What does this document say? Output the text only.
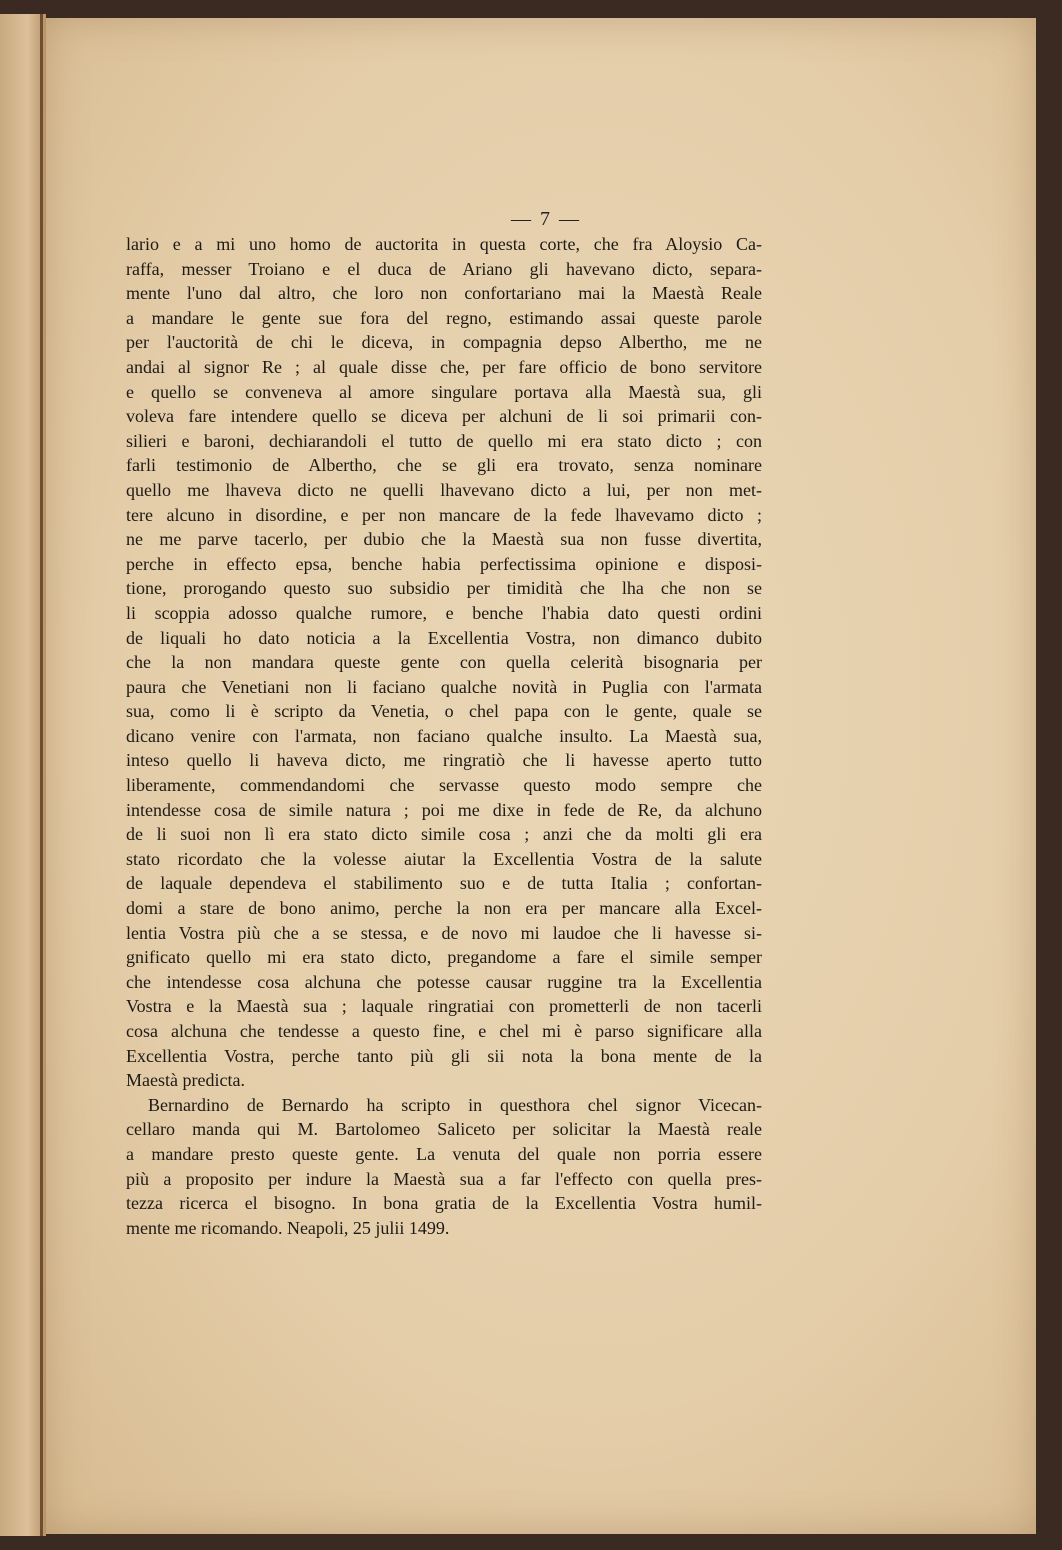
— 7 —
lario e a mi uno homo de auctorita in questa corte, che fra Aloysio Ca-
raffa, messer Troiano e el duca de Ariano gli havevano dicto, separa-
mente l'uno dal altro, che loro non confortariano mai la Maestà Reale
a mandare le gente sue fora del regno, estimando assai queste parole
per l'auctorità de chi le diceva, in compagnia depso Albertho, me ne
andai al signor Re ; al quale disse che, per fare officio de bono servitore
e quello se conveneva al amore singulare portava alla Maestà sua, gli
voleva fare intendere quello se diceva per alchuni de li soi primarii con-
silieri e baroni, dechiarandoli el tutto de quello mi era stato dicto ; con
farli testimonio de Albertho, che se gli era trovato, senza nominare
quello me lhaveva dicto ne quelli lhavevano dicto a lui, per non met-
tere alcuno in disordine, e per non mancare de la fede lhavevamo dicto ;
ne me parve tacerlo, per dubio che la Maestà sua non fusse divertita,
perche in effecto epsa, benche habia perfectissima opinione e disposi-
tione, prorogando questo suo subsidio per timidità che lha che non se
li scoppia adosso qualche rumore, e benche l'habia dato questi ordini
de liquali ho dato noticia a la Excellentia Vostra, non dimanco dubito
che la non mandara queste gente con quella celerità bisognaria per
paura che Venetiani non li faciano qualche novità in Puglia con l'armata
sua, como li è scripto da Venetia, o chel papa con le gente, quale se
dicano venire con l'armata, non faciano qualche insulto. La Maestà sua,
inteso quello li haveva dicto, me ringratiò che li havesse aperto tutto
liberamente, commendandomi che servasse questo modo sempre che
intendesse cosa de simile natura ; poi me dixe in fede de Re, da alchuno
de li suoi non lì era stato dicto simile cosa ; anzi che da molti gli era
stato ricordato che la volesse aiutar la Excellentia Vostra de la salute
de laquale dependeva el stabilimento suo e de tutta Italia ; confortan-
domi a stare de bono animo, perche la non era per mancare alla Excel-
lentia Vostra più che a se stessa, e de novo mi laudoe che li havesse si-
gnificato quello mi era stato dicto, pregandome a fare el simile semper
che intendesse cosa alchuna che potesse causar ruggine tra la Excellentia
Vostra e la Maestà sua ; laquale ringratiai con prometterli de non tacerli
cosa alchuna che tendesse a questo fine, e chel mi è parso significare alla
Excellentia Vostra, perche tanto più gli sii nota la bona mente de la
Maestà predicta.
Bernardino de Bernardo ha scripto in questhora chel signor Vicecan-
cellaro manda qui M. Bartolomeo Saliceto per solicitar la Maestà reale
a mandare presto queste gente. La venuta del quale non porria essere
più a proposito per indure la Maestà sua a far l'effecto con quella pres-
tezza ricerca el bisogno. In bona gratia de la Excellentia Vostra humil-
mente me ricomando. Neapoli, 25 julii 1499.
